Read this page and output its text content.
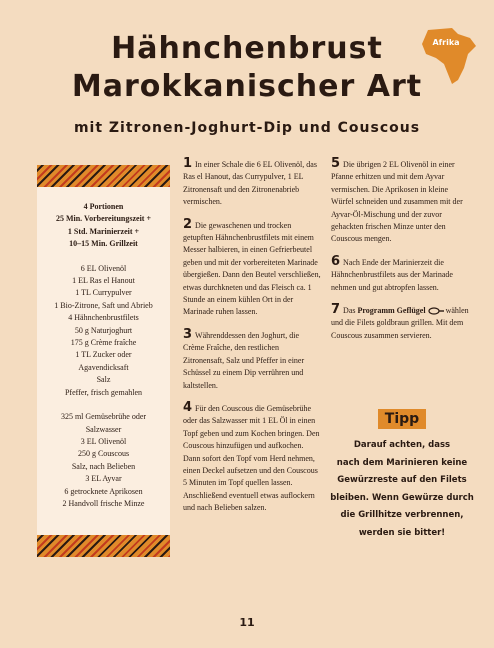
Hähnchenbrust
Marokkanischer Art
mit Zitronen-Joghurt-Dip und Couscous
Afrika
4 Portionen
25 Min. Vorbereitungszeit +
1 Std. Marinierzeit +
10–15 Min. Grillzeit
6 EL Olivenöl
1 EL Ras el Hanout
1 TL Currypulver
1 Bio-Zitrone, Saft und Abrieb
4 Hähnchenbrustfilets
50 g Naturjoghurt
175 g Crème fraîche
1 TL Zucker oder
Agavendicksaft
Salz
Pfeffer, frisch gemahlen
325 ml Gemüsebrühe oder
Salzwasser
3 EL Olivenöl
250 g Couscous
Salz, nach Belieben
3 EL Ayvar
6 getrocknete Aprikosen
2 Handvoll frische Minze

1 In einer Schale die 6 EL Olivenöl, das Ras el Hanout, das Currypulver, 1 EL Zitronensaft und den Zitronenabrieb vermischen.

2 Die gewaschenen und trocken getupften Hähnchenbrustfilets mit einem Messer halbieren, in einen Gefrierbeutel geben und mit der vorbereiteten Marinade übergießen. Dann den Beutel verschließen, etwas durchkneten und das Fleisch ca. 1 Stunde an einem kühlen Ort in der Marinade ruhen lassen.

3 Währenddessen den Joghurt, die Crème Fraîche, den restlichen Zitronensaft, Salz und Pfeffer in einer Schüssel zu einem Dip verrühren und kaltstellen.

4 Für den Couscous die Gemüsebrühe oder das Salzwasser mit 1 EL Öl in einen Topf geben und zum Kochen bringen. Den Couscous hinzufügen und aufkochen. Dann sofort den Topf vom Herd nehmen, einen Deckel aufsetzen und den Couscous 5 Minuten im Topf quellen lassen. Anschließend eventuell etwas auflockern und nach Belieben salzen.

5 Die übrigen 2 EL Olivenöl in einer Pfanne erhitzen und mit dem Ayvar vermischen. Die Aprikosen in kleine Würfel schneiden und zusammen mit der Ayvar-Öl-Mischung und der zuvor gehackten frischen Minze unter den Couscous mengen.

6 Nach Ende der Marinierzeit die Hähnchenbrustfilets aus der Marinade nehmen und gut abtropfen lassen.

7 Das Programm Geflügel	wählen und die Filets goldbraun grillen. Mit dem Couscous zusammen servieren.

Tipp
Darauf achten, dass
nach dem Marinieren keine
Gewürzreste auf den Filets
bleiben. Wenn Gewürze durch
die Grillhitze verbrennen,
werden sie bitter!
11
